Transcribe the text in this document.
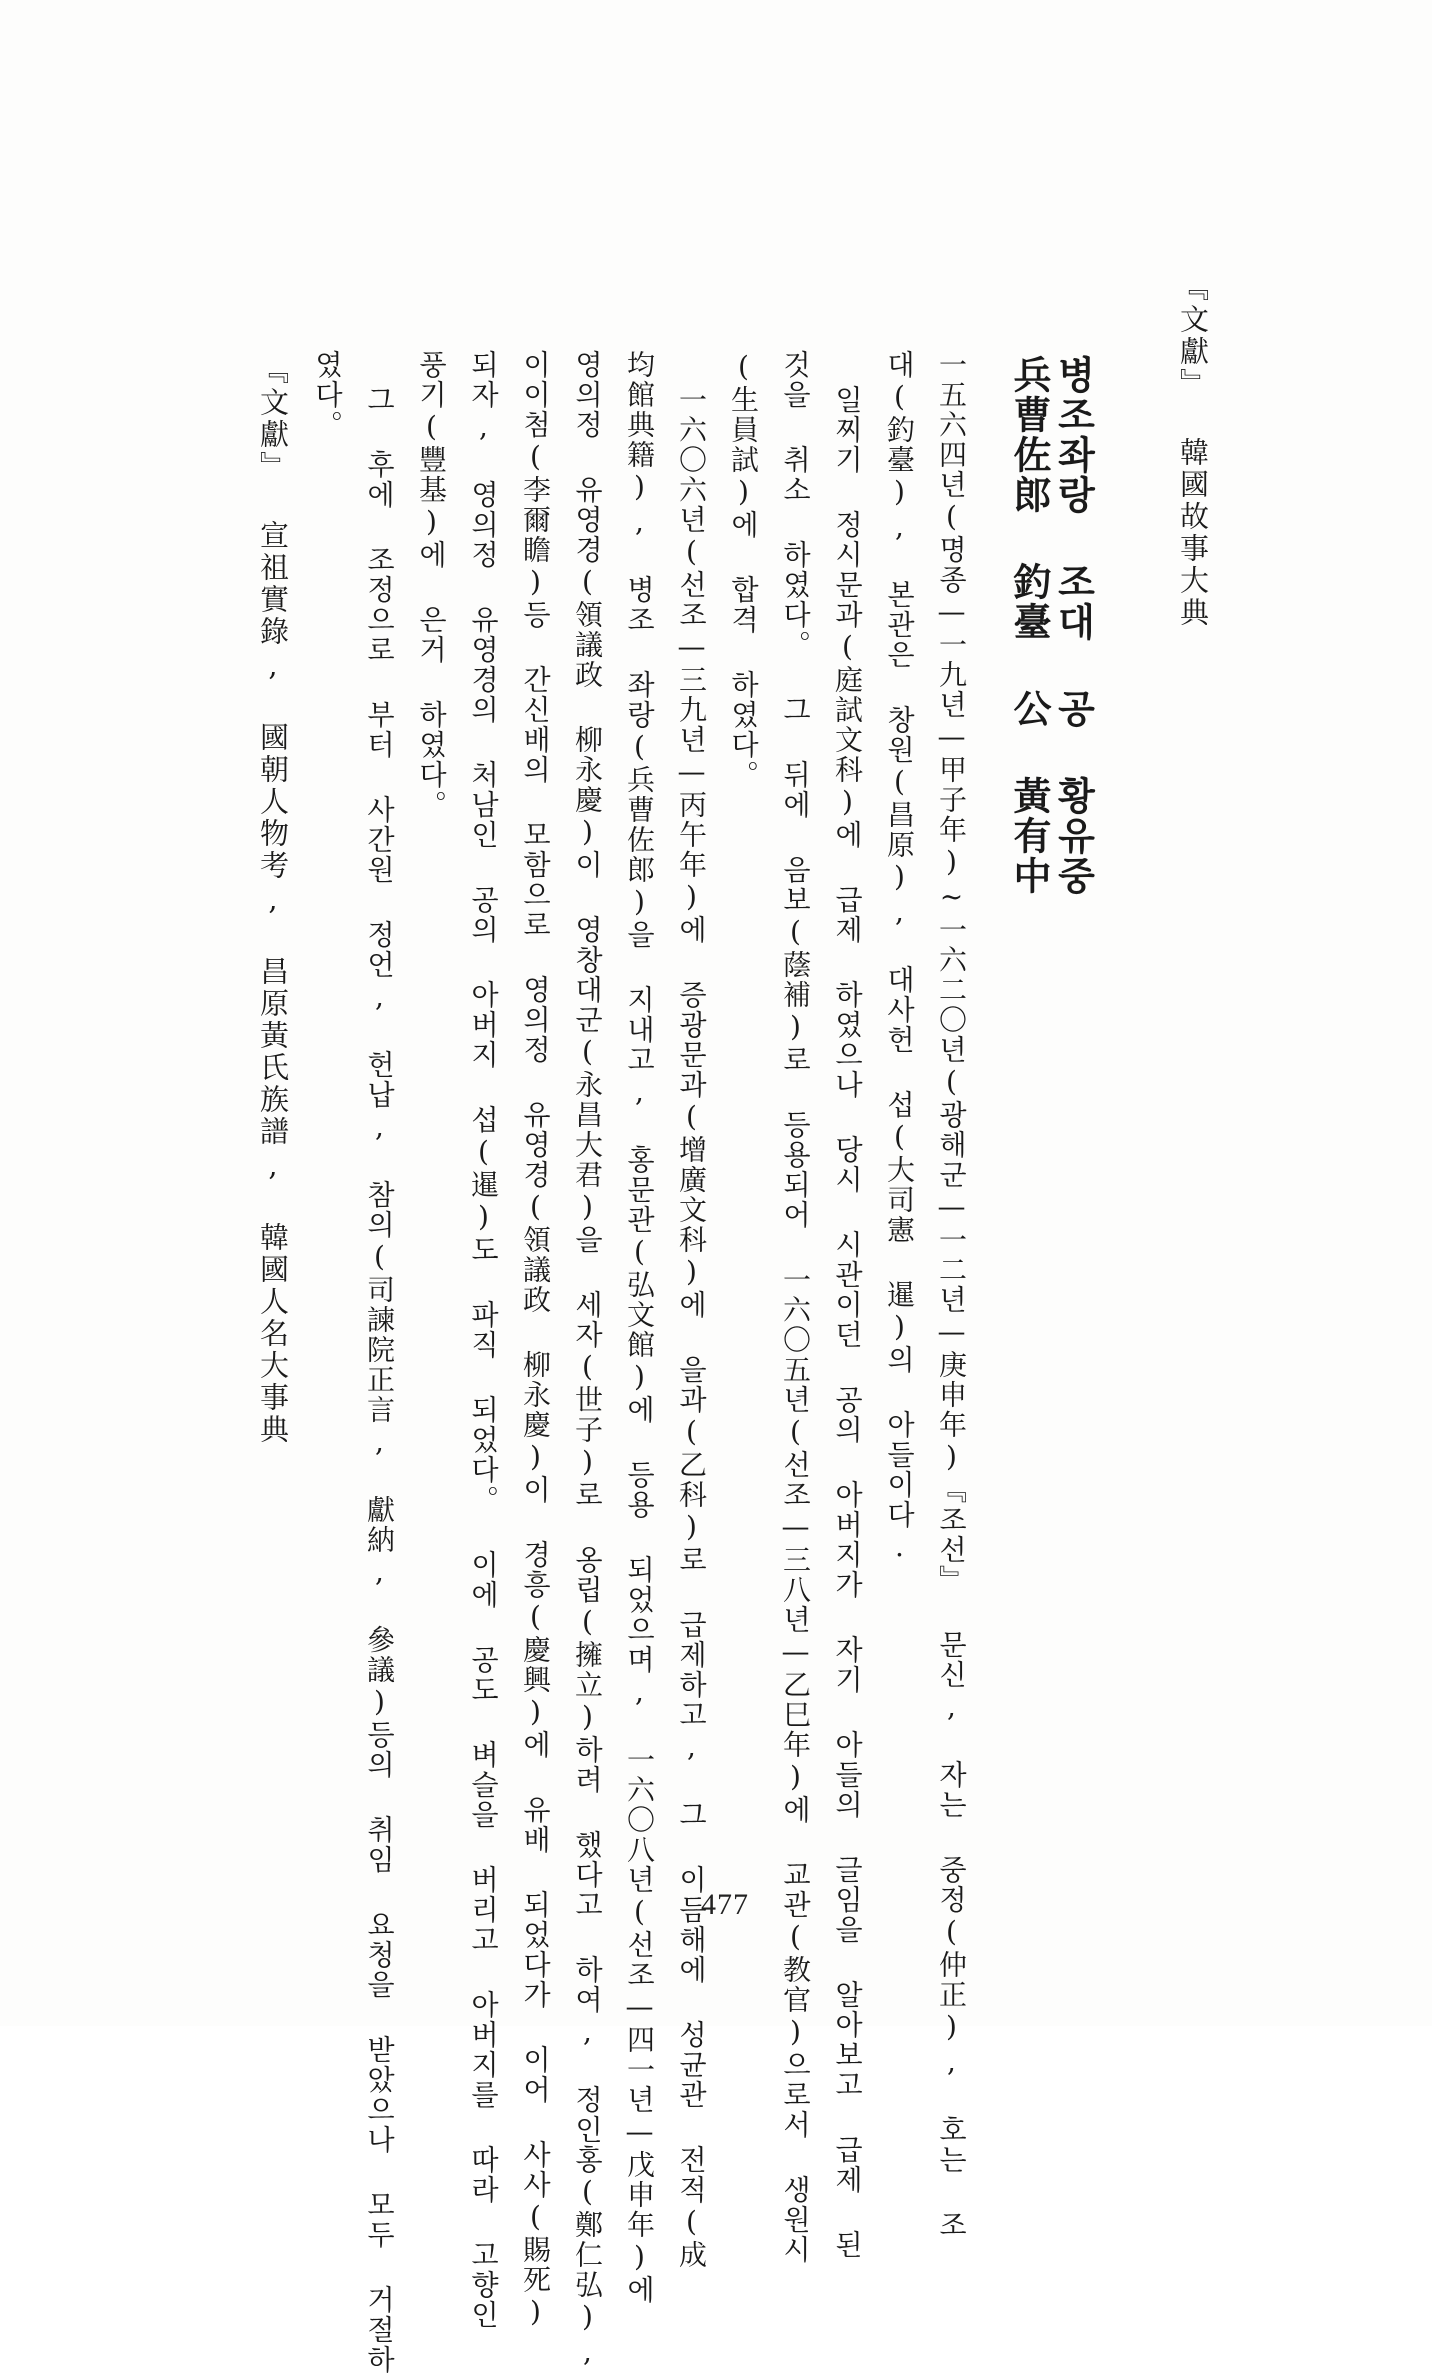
『文獻』 韓國故事大典
병조좌랑 조대 공 황유중
兵曹佐郎 釣臺 公 黃有中
一五六四년(명종—一九년—甲子年)~一六二〇년(광해군—一二년—庚申年)『조선』 문신, 자는 중정(仲正), 호는 조
대(釣臺), 본관은 창원(昌原), 대사헌 섭(大司憲 暹)의 아들이다.
일찌기 정시문과(庭試文科)에 급제 하였으나 당시 시관이던 공의 아버지가 자기 아들의 글임을 알아보고 급제 된
것을 취소 하였다。 그 뒤에 음보(蔭補)로 등용되어 一六〇五년(선조—三八년—乙巳年)에 교관(教官)으로서 생원시
(生員試)에 합격 하였다。
一六〇六년(선조—三九년—丙午年)에 증광문과(增廣文科)에 을과(乙科)로 급제하고, 그 이듬해에 성균관 전적(成
均館典籍), 병조 좌랑(兵曹佐郎)을 지내고, 홍문관(弘文館)에 등용 되었으며, 一六〇八년(선조—四一년—戊申年)에
영의정 유영경(領議政 柳永慶)이 영창대군(永昌大君)을 세자(世子)로 옹립(擁立)하려 했다고 하여, 정인홍(鄭仁弘),
이이첨(李爾瞻)등 간신배의 모함으로 영의정 유영경(領議政 柳永慶)이 경흥(慶興)에 유배 되었다가 이어 사사(賜死)
되자, 영의정 유영경의 처남인 공의 아버지 섭(暹)도 파직 되었다。 이에 공도 벼슬을 버리고 아버지를 따라 고향인
풍기(豐基)에 은거 하였다。
그 후에 조정으로 부터 사간원 정언, 헌납, 참의(司諫院正言, 獻納, 參議)등의 취임 요청을 받았으나 모두 거절하
였다。
『文獻』 宣祖實錄, 國朝人物考, 昌原黃氏族譜, 韓國人名大事典
477
